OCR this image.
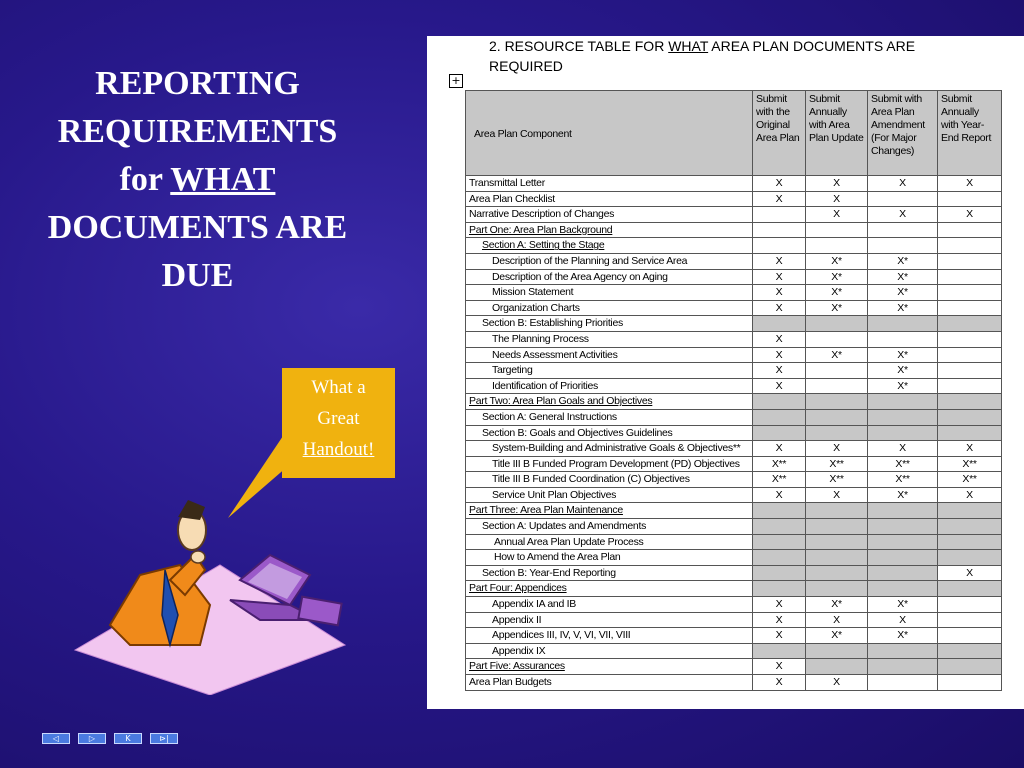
REPORTING
REQUIREMENTS
for WHAT
DOCUMENTS ARE
DUE
What a
Great
Handout!
2. RESOURCE TABLE FOR WHAT AREA PLAN DOCUMENTS ARE
REQUIRED
+
Area Plan Component	Submit with the Original Area Plan	Submit Annually with Area Plan Update	Submit with Area Plan Amendment (For Major Changes)	Submit Annually with Year-End Report
Transmittal Letter	X	X	X	X
Area Plan Checklist	X	X		
Narrative Description of Changes		X	X	X
Part One: Area Plan Background				
Section A: Setting the Stage				
Description of the Planning and Service Area	X	X*	X*	
Description of the Area Agency on Aging	X	X*	X*	
Mission Statement	X	X*	X*	
Organization Charts	X	X*	X*	
Section B: Establishing Priorities				
The Planning Process	X			
Needs Assessment Activities	X	X*	X*	
Targeting	X		X*	
Identification of Priorities	X		X*	
Part Two: Area Plan Goals and Objectives				
Section A: General Instructions				
Section B: Goals and Objectives Guidelines				
System-Building and Administrative Goals & Objectives**	X	X	X	X
Title III B Funded Program Development (PD) Objectives	X**	X**	X**	X**
Title III B Funded Coordination (C) Objectives	X**	X**	X**	X**
Service Unit Plan Objectives	X	X	X*	X
Part Three: Area Plan Maintenance				
Section A: Updates and Amendments				
Annual Area Plan Update Process				
How to Amend the Area Plan				
Section B: Year-End Reporting				X
Part Four: Appendices				
Appendix IA and IB	X	X*	X*	
Appendix II	X	X	X	
Appendices III, IV, V, VI, VII, VIII	X	X*	X*	
Appendix IX				
Part Five: Assurances	X			
Area Plan Budgets	X	X		
◁	▷	K	⊳|
